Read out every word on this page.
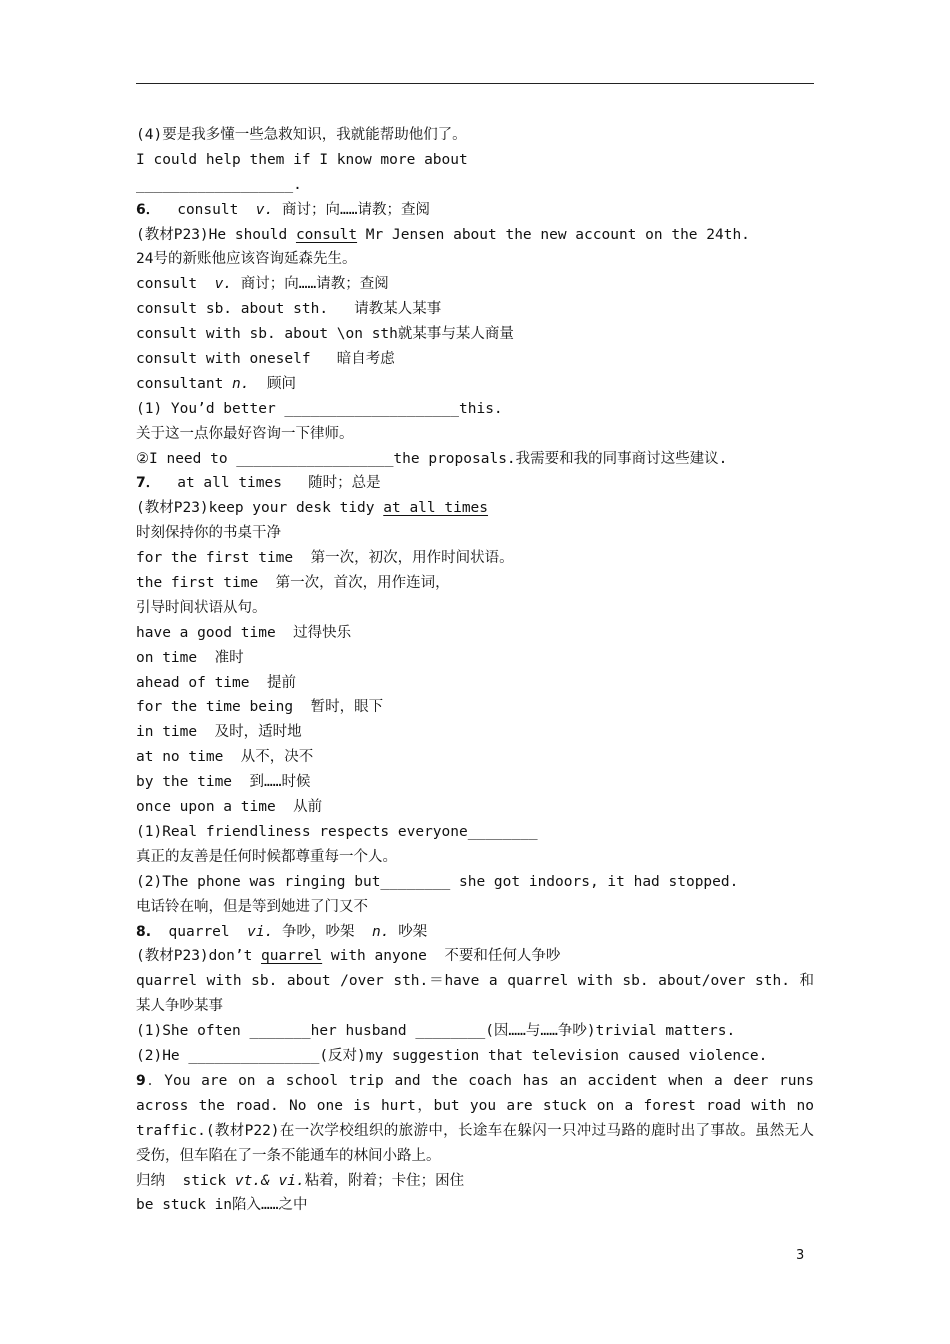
(4)要是我多懂一些急救知识，我就能帮助他们了。
I could help them if I know more about
__________________.
6．  consult  v. 商讨；向……请教；查阅
(教材P23)He should consult Mr Jensen about the new account on the 24th.
24号的新账他应该咨询延森先生。
consult  v. 商讨；向……请教；查阅
consult sb. about sth.   请教某人某事
consult with sb. about \on sth就某事与某人商量
consult with oneself   暗自考虑
consultant n.  顾问
(1) You’d better ____________________this.
关于这一点你最好咨询一下律师。
②I need to __________________the proposals.我需要和我的同事商讨这些建议.
7．  at all times   随时；总是
(教材P23)keep your desk tidy at all times
时刻保持你的书桌干净
for the first time  第一次，初次，用作时间状语。
the first time  第一次，首次，用作连词，
引导时间状语从句。
have a good time  过得快乐
on time  准时
ahead of time  提前
for the time being  暂时，眼下
in time  及时，适时地
at no time  从不，决不
by the time  到……时候
once upon a time  从前
(1)Real friendliness respects everyone________
真正的友善是任何时候都尊重每一个人。
(2)The phone was ringing but________ she got indoors, it had stopped.
电话铃在响，但是等到她进了门又不
8.  quarrel  vi. 争吵，吵架  n. 吵架
(教材P23)don’t quarrel with anyone  不要和任何人争吵
quarrel with sb. about /over sth.＝have a quarrel with sb. about/over sth. 和某人争吵某事
(1)She often _______her husband ________(因……与……争吵)trivial matters.
(2)He _______________(反对)my suggestion that television caused violence.
9．You are on a school trip and the coach has an accident when a deer runs across the road. No one is hurt，but you are stuck on a forest road with no traffic.(教材P22)在一次学校组织的旅游中，长途车在躲闪一只冲过马路的鹿时出了事故。虽然无人受伤，但车陷在了一条不能通车的林间小路上。
归纳  stick vt.& vi.粘着，附着；卡住；困住
be stuck in陷入……之中
3
